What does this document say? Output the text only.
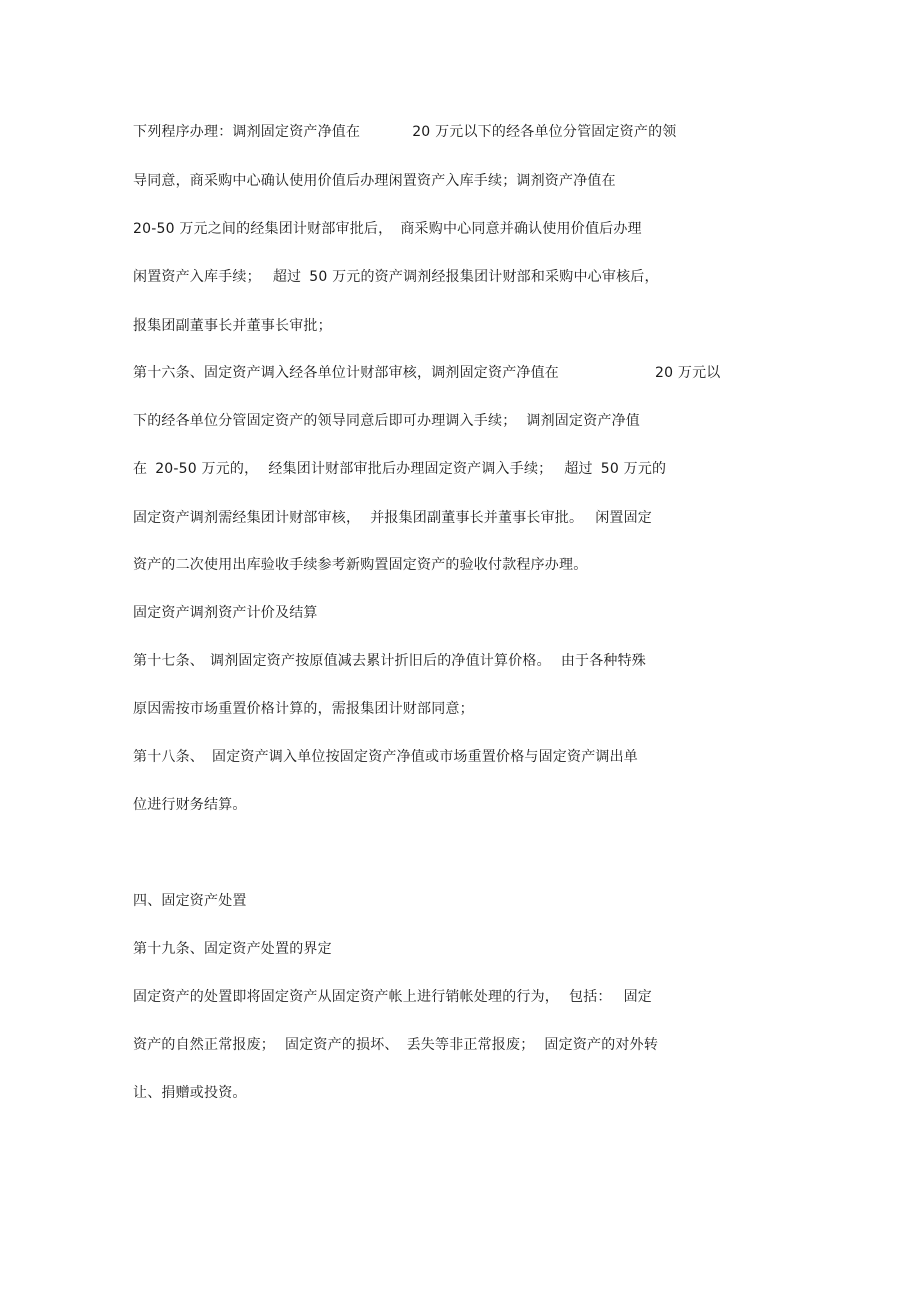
下列程序办理：调剂固定资产净值在	20 万元以下的经各单位分管固定资产的领
导同意，商采购中心确认使用价值后办理闲置资产入库手续；调剂资产净值在
20-50 万元之间的经集团计财部审批后， 商采购中心同意并确认使用价值后办理
闲置资产入库手续； 超过 50 万元的资产调剂经报集团计财部和采购中心审核后，
报集团副董事长并董事长审批；
第十六条、固定资产调入经各单位计财部审核，调剂固定资产净值在	20 万元以
下的经各单位分管固定资产的领导同意后即可办理调入手续； 调剂固定资产净值
在 20-50 万元的， 经集团计财部审批后办理固定资产调入手续； 超过 50 万元的
固定资产调剂需经集团计财部审核， 并报集团副董事长并董事长审批。 闲置固定
资产的二次使用出库验收手续参考新购置固定资产的验收付款程序办理。
固定资产调剂资产计价及结算
第十七条、 调剂固定资产按原值减去累计折旧后的净值计算价格。 由于各种特殊
原因需按市场重置价格计算的，需报集团计财部同意；
第十八条、 固定资产调入单位按固定资产净值或市场重置价格与固定资产调出单
位进行财务结算。
四、固定资产处置
第十九条、固定资产处置的界定
固定资产的处置即将固定资产从固定资产帐上进行销帐处理的行为， 包括： 固定
资产的自然正常报废； 固定资产的损坏、 丢失等非正常报废； 固定资产的对外转
让、捐赠或投资。
